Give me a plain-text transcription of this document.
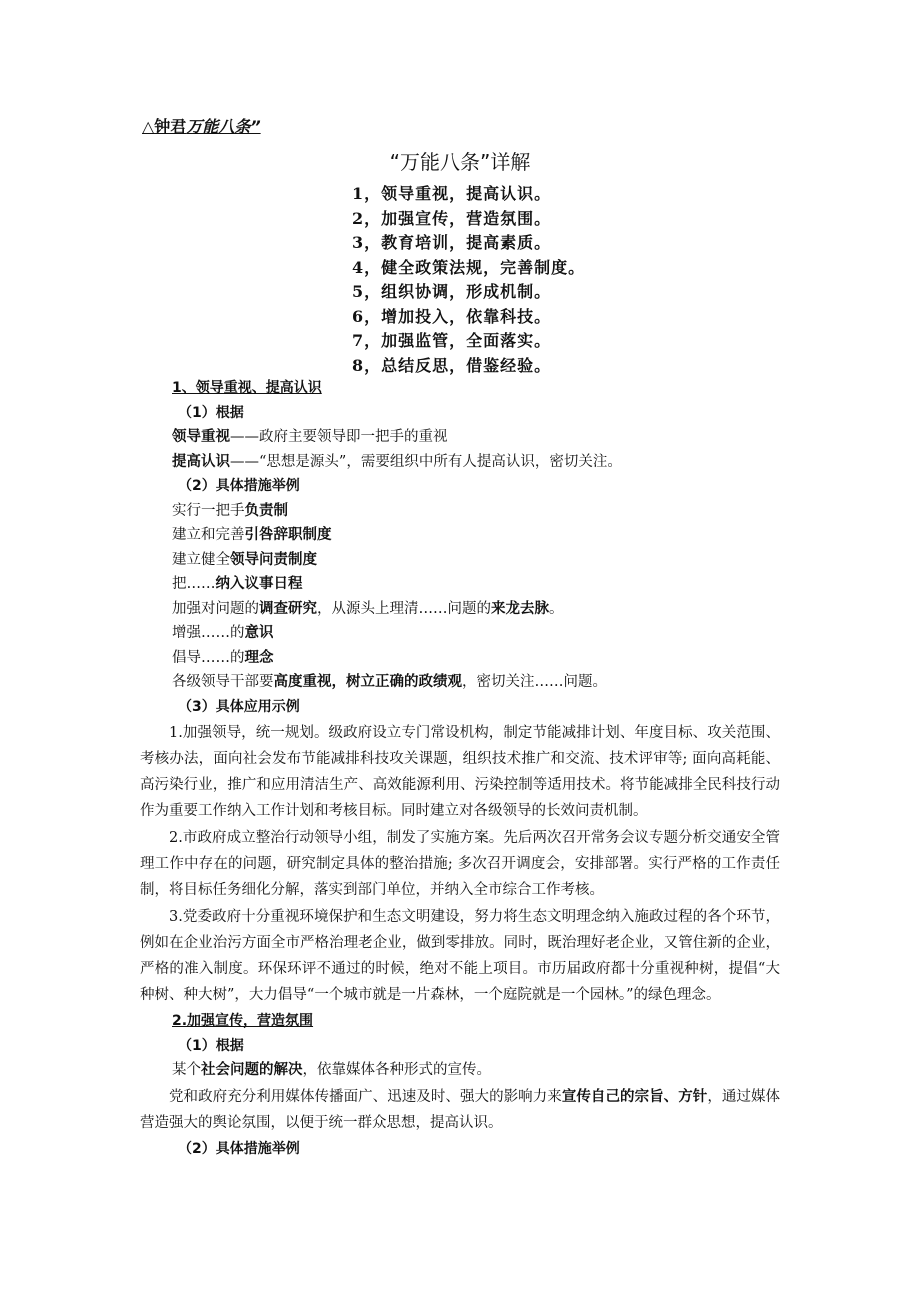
△钟君万能八条”
“万能八条”详解
1，领导重视，提高认识。
2，加强宣传，营造氛围。
3，教育培训，提高素质。
4，健全政策法规，完善制度。
5，组织协调，形成机制。
6，增加投入，依靠科技。
7，加强监管，全面落实。
8，总结反思，借鉴经验。
1、领导重视、提高认识
（1）根据
领导重视——政府主要领导即一把手的重视
提高认识——“思想是源头”，需要组织中所有人提高认识，密切关注。
（2）具体措施举例
实行一把手负责制
建立和完善引咎辞职制度
建立健全领导问责制度
把……纳入议事日程
加强对问题的调查研究，从源头上理清……问题的来龙去脉。
增强……的意识
倡导……的理念
各级领导干部要高度重视，树立正确的政绩观，密切关注……问题。
（3）具体应用示例

1.加强领导，统一规划。级政府设立专门常设机构，制定节能减排计划、年度目标、攻关范围、考核办法，面向社会发布节能减排科技攻关课题，组织技术推广和交流、技术评审等; 面向高耗能、高污染行业，推广和应用清洁生产、高效能源利用、污染控制等适用技术。将节能减排全民科技行动作为重要工作纳入工作计划和考核目标。同时建立对各级领导的长效问责机制。

2.市政府成立整治行动领导小组，制发了实施方案。先后两次召开常务会议专题分析交通安全管理工作中存在的问题，研究制定具体的整治措施; 多次召开调度会，安排部署。实行严格的工作责任制，将目标任务细化分解，落实到部门单位，并纳入全市综合工作考核。

3.党委政府十分重视环境保护和生态文明建设，努力将生态文明理念纳入施政过程的各个环节，例如在企业治污方面全市严格治理老企业，做到零排放。同时，既治理好老企业，又管住新的企业，严格的准入制度。环保环评不通过的时候，绝对不能上项目。市历届政府都十分重视种树，提倡“大种树、种大树”，大力倡导“一个城市就是一片森林，一个庭院就是一个园林。”的绿色理念。

2.加强宣传，营造氛围
（1）根据
某个社会问题的解决，依靠媒体各种形式的宣传。

党和政府充分利用媒体传播面广、迅速及时、强大的影响力来宣传自己的宗旨、方针，通过媒体营造强大的舆论氛围，以便于统一群众思想，提高认识。

（2）具体措施举例
